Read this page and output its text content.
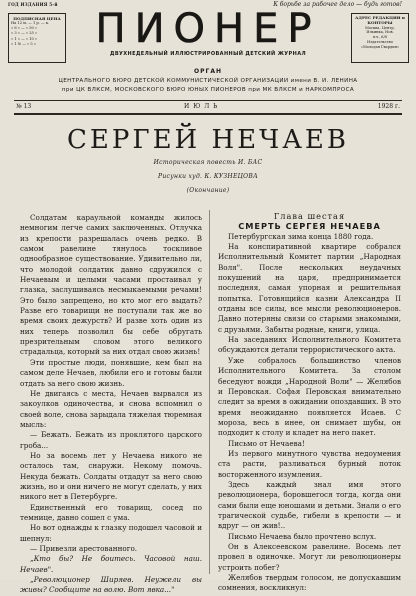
ГОД ИЗДАНИЯ 5-й	К борьбе за рабочее дело — будь готов!
ПОДПИСНАЯ ЦЕНА
На 12 м. — 1 р. — к.
» 6 » — » 50 »
» 3 » — » 25 »
» 1 » — » 10 »
» 1 № — » 5 »	ПИОНЕР
ДВУХНЕДЕЛЬНЫЙ ИЛЛЮСТРИРОВАННЫЙ ДЕТСКИЙ ЖУРНАЛ
АДРЕС РЕДАКЦИИ и КОНТОРЫ
Москва, Центр,
Ильинка, Нов.
пл., 6/8
Издательство
«Молодая Гвардия»
ОРГАН
ЦЕНТРАЛЬНОГО БЮРО ДЕТСКОЙ КОММУНИСТИЧЕСКОЙ ОРГАНИЗАЦИИ имени В. И. ЛЕНИНА
при ЦК ВЛКСМ, МОСКОВСКОГО БЮРО ЮНЫХ ПИОНЕРОВ при МК ВЛКСМ и НАРКОМПРОСА
№ 13	И Ю Л Ь	1928 г.
СЕРГЕЙ НЕЧАЕВ
Историческая повесть И. БАС
Рисунки худ. К. КУЗНЕЦОВА
(Окончание)

Солдатам караульной команды жилось немногим легче самих заключенных. Отлучка из крепости разрешалась очень редко. В самом равелине тянулось тоскливое однообразное существование. Удивительно ли, что молодой солдатик давно сдружился с Нечаевым и целыми часами простаивал у глазка, заслушиваясь несмыкаемыми речами! Это было запрещено, но кто мог его выдать? Разве его товарищи не поступали так же во время своих дежурств? И разве хоть один из них теперь позволил бы себе обругать презрительным словом этого великого страдальца, который за них отдал свою жизнь!

Эти простые люди, понявшие, кем был на самом деле Нечаев, любили его и готовы были отдать за него свою жизнь.

Не двигаясь с места, Нечаев вырвался из закоулков одиночества, и снова вспомнил о своей воле, снова зарыдала тяжелая тюремная мысль:

— Бежать. Бежать из проклятого царского гроба...

Но за восемь лет у Нечаева никого не осталось там, снаружи. Некому помочь. Некуда бежать. Солдаты отдадут за него свою жизнь, но и они ничего не могут сделать, у них никого нет в Петербурге.

Единственный его товарищ, сосед по темнице, давно сошел с ума.

Но вот однажды к глазку подошел часовой и шепнул:

— Привезли арестованного.

„Кто бы? Не боитесь. Часовой наш. Нечаев".

„Революционер Ширяев. Неужели вы живы? Сообщите на волю. Вот явка..."

Глава шестая

СМЕРТЬ СЕРГЕЯ НЕЧАЕВА

Петербургская зима конца 1880 года.

На конспиративной квартире собрался Исполнительный Комитет партии „Народная Воля". После нескольких неудачных покушений на царя, предпринимается последняя, самая упорная и решительная попытка. Готовящийся казни Александра II отданы все силы, все мысли революционеров. Давно потеряны связи со старыми знакомыми, с друзьями. Забыты родные, книги, улица.

На заседаниях Исполнительного Комитета обсуждаются детали террористического акта.

Уже собралось большинство членов Исполнительного Комитета. За столом беседуют вожди „Народной Воли" — Желябов и Перовская. Софья Перовская внимательно следит за время в ожидании опоздавших. В это время неожиданно появляется Исаев. С мороза, весь в инее, он снимает шубы, он подходит к столу и кладет на него пакет.

Письмо от Нечаева!

Из первого минутного чувства недоумения ста расти, разливаться бурный поток восторженного изумления.

Здесь каждый знал имя этого революционера, боровшегося тогда, когда они сами были еще юношами и детьми. Знали о его трагической судьбе, гибели в крепости — и вдруг — он жив!..

Письмо Нечаева было прочтено вслух.

Он в Алексеевском равелине. Восемь лет провел в одиночке. Могут ли революционеры устроить побег?

Желябов твердым голосом, не допускавшим сомнения, воскликнул:
